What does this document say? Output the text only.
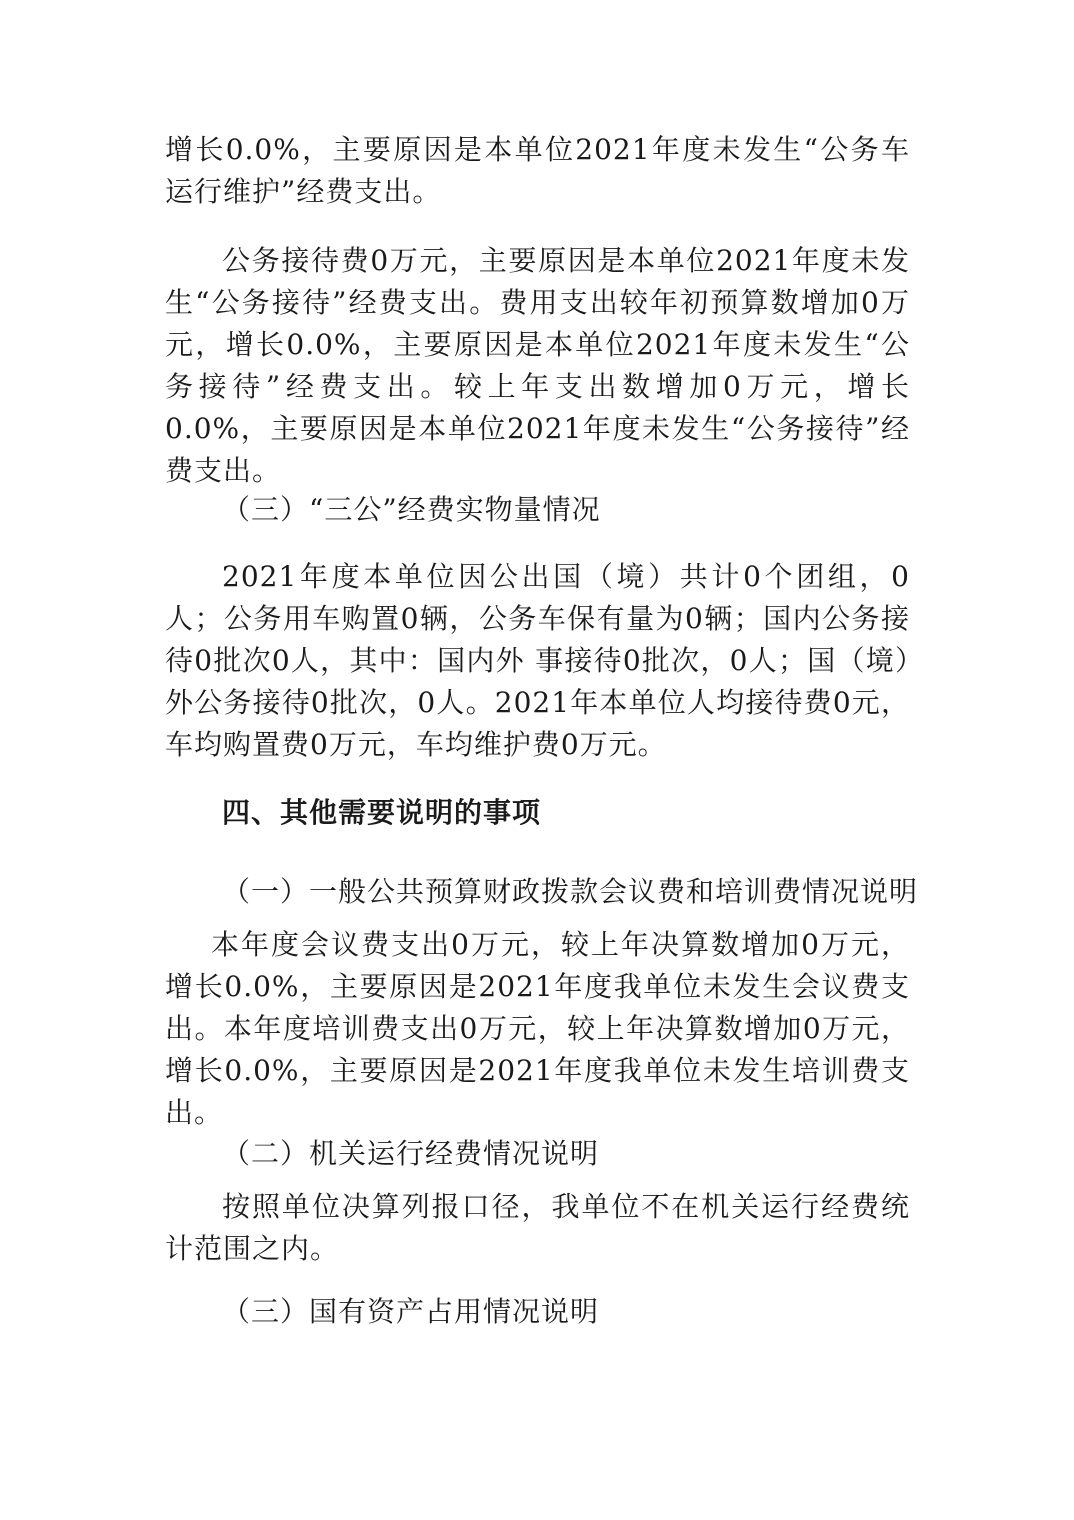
增长0.0%，主要原因是本单位2021年度未发生“公务车运行维护”经费支出。

公务接待费0万元，主要原因是本单位2021年度未发生“公务接待”经费支出。费用支出较年初预算数增加0万元，增长0.0%，主要原因是本单位2021年度未发生“公务接待”经费支出。较上年支出数增加0万元，增长0.0%，主要原因是本单位2021年度未发生“公务接待”经费支出。

（三）“三公”经费实物量情况

2021年度本单位因公出国（境）共计0个团组，0人；公务用车购置0辆，公务车保有量为0辆；国内公务接待0批次0人，其中：国内外 事接待0批次，0人；国（境）外公务接待0批次，0人。2021年本单位人均接待费0元，车均购置费0万元，车均维护费0万元。

四、其他需要说明的事项

（一）一般公共预算财政拨款会议费和培训费情况说明

本年度会议费支出0万元，较上年决算数增加0万元，增长0.0%，主要原因是2021年度我单位未发生会议费支出。本年度培训费支出0万元，较上年决算数增加0万元，增长0.0%，主要原因是2021年度我单位未发生培训费支出。

（二）机关运行经费情况说明

按照单位决算列报口径，我单位不在机关运行经费统计范围之内。

（三）国有资产占用情况说明
